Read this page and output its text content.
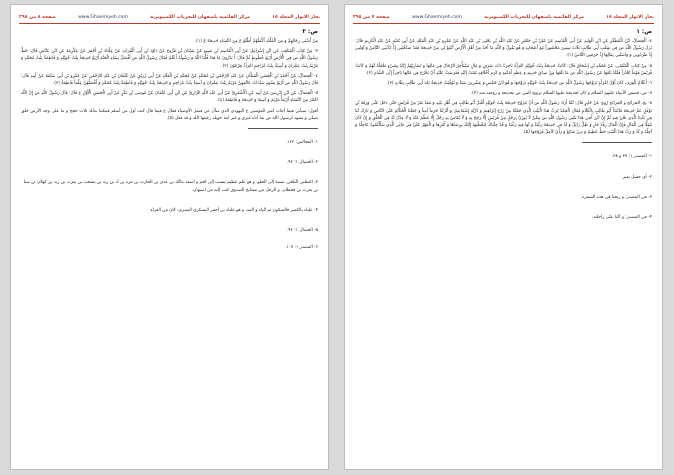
صفحة ٨ من ٢٩٥	www.Ghaemiyeh.com	مركز القائمية باصفهان للتحريات الكمبيوترية	بحار الانوار المجلد ١٥
ص: ٢

مِنْ أَسْنَى رِجَالِهِمْ وَ مِنَ الْمُلْكِ أَكْمَلُهُمْ أَطْلَعَ عَ مِنَ النِّسَاءِ خَدِيجَةَ عَ (١).

٣- مِنْ كِتَابِ الْمَنَاقِبِ عَنِ ابْنِ إِسْرَائِيلَ عَنْ أَبِي الْقَاسِمِ بْنِ سَبِيعٍ عَنْ شَيْبَانَ بْنِ فَرُّوخَ عَنْ دَاوُدَ بْنِ أَبِي الْفُرَاتِ عَنْ عِلْبَاءَ بْنِ أَحْمَرَ عَنْ عِكْرِمَةَ عَنِ ابْنِ عَبَّاسٍ قَالَ: خَطَّ رَسُولُ اللَّهِ صَ فِي الْأَرْضِ أَرْبَعَ خُطُوطٍ ثُمَّ قَالَ: أَ تَدْرُونَ مَا هَذَا قُلْنَا اللَّهُ وَ رَسُولُهُ أَعْلَمُ فَقَالَ رَسُولُ اللَّهِ صَ أَفْضَلُ نِسَاءِ الْجَنَّةِ أَرْبَعٌ خَدِيجَةُ بِنْتُ خُوَيْلِدٍ وَ فَاطِمَةُ بِنْتُ مُحَمَّدٍ وَ مَرْيَمُ بِنْتُ عِمْرَانَ وَ آسِيَةُ بِنْتُ مُزَاحِمٍ امْرَأَةُ فِرْعَوْنَ (٢).

٤- الْخِصَالُ، عَنْ أَحْمَدَ بْنِ الْحَسَنِ الْقَطَّانِ عَنْ عَبْدِ الرَّحْمَنِ بْنِ مُحَمَّدٍ عَنْ مُحَمَّدِ بْنِ الْعَلَاءِ عَنْ أَبِي زُرَيْقٍ عَنْ عُثْمَانَ بْنِ عَبْدِ الرَّحْمَنِ عَنْ عَمْرِو بْنِ أَبِي سَلَمَةَ عَنْ أَبِيهِ قَالَ: قَالَ رَسُولُ اللَّهِ صَ أَرْبَعُ نِسْوَةٍ سَيِّدَاتُ عَالَمِهِنَّ مَرْيَمُ بِنْتُ عِمْرَانَ وَ آسِيَةُ بِنْتُ مُزَاحِمٍ وَ خَدِيجَةُ بِنْتُ خُوَيْلِدٍ وَ فَاطِمَةُ بِنْتُ مُحَمَّدٍ وَ أَفْضَلُهُنَّ عِلْماً فَاطِمَةُ (٣).

٥- الْخِصَالُ، عَنِ ابْنِ إِدْرِيسَ عَنْ أَبِيهِ عَنِ الْأَشْعَرِيِّ عَنْ أَبِي عَبْدِ اللَّهِ الرَّازِيِّ عَنِ ابْنِ أَبِي عُثْمَانَ عَنْ مُوسَى بْنِ بَكْرٍ عَنْ أَبِي الْحَسَنِ الْأَوَّلِ ع قَالَ: قَالَ رَسُولُ اللَّهِ صَ إِنَّ اللَّهَ اخْتَارَ مِنَ النِّسَاءِ أَرْبَعاً مَرْيَمَ وَ آسِيَةَ وَ خَدِيجَةَ وَ فَاطِمَةَ (٤).

أقول: سيأتي فيما أجاب أمير المؤمنين ع اليهودي الذي سأل عن فضل الأوصياء فقال ع فيما قال كنت أول من أسلم فمكثنا بذلك ثلاث حجج و ما على وجه الأرض خلق يصلي و يشهد لرسول الله ص بما آتاه غيري و غير ابنة خويلد رحمها الله و قد فعل (٥).

١- المجالس: ١۶٢.

٢- الخصال ١: ٩۶.

٣- القطبي البلخي. نسبة إلى الحلو، و هو علم عظيم يتسب إلى لخم و اسمه مالك بن عدى بن الحارث بن مرة بن اد بن زيد بن يشجب بن يعرب بن زيد بن كهلان بن سبا بن يعرب بن قحطان، و الرجل من مشايخ الصدوق كتب إليه من اصبهان.

۴- علياء بالكسر فالسكون ثم الياء و المد، و هو علياء بن أحمر اليشكري البصري، كان من القراء.

۵- الخصال ١: ٩۶.

۶- المصدر ١: ١٠٧.

صفحة ٧ من ٢٩٥	www.Ghaemiyeh.com	مركز القائمية باصفهان للتحريات الكمبيوترية	بحار الانوار المجلد ١٥
ص: ١

٤- الْخِصَالُ، ابْنُ الْمُظَفَّرِ عَنِ ابْنِ الْوَلِيدِ عَنْ أَبِي الْقَاسِمِ عَنْ عَلِيِّ بْنِ جَعْفَرٍ عَنْ عَبْدِ اللَّهِ بْنِ يَحْيَى بْنِ عَبْدِ اللَّهِ عَنْ عَمْرِو بْنِ عَبْدِ الْمَلِكِ عَنْ أَبِي نُعَيْمٍ عَنْ عَبْدِ الْكَرِيمِ قَالَ: نَزَلَ رَسُولُ اللَّهِ صَ فِي شِعْبِ أَبِي طَالِبٍ ثَلَاثَ سِنِينَ مَحْصُوراً مَعَ أَصْحَابِهِ وَ هُوَ يَقُولُ وَ اللَّهِ مَا أَحَدٌ مِنْ أَهْلِ الْأَرْضِ أَنْفَعُ لِي مِنْ خَدِيجَةَ فَقَدْ صَدَّقَتْنِي إِذْ كَذَّبَنِي النَّاسُ وَ آوَتْنِي إِذْ طَرَدُونِي وَ وَاسَتْنِي بِمَالِهَا إِذْ حَرَمَنِي النَّاسُ (١).

٥- مِنْ كِتَابِ الْمُنْتَقَى، عَنْ مُحَمَّدِ بْنِ إِسْحَاقَ قَالَ: كَانَتْ خَدِيجَةُ بِنْتُ خُوَيْلِدٍ امْرَأَةً تَاجِرَةً ذَاتَ شَرَفٍ وَ مَالٍ تَسْتَأْجِرُ الرِّجَالَ فِي مَالِهَا وَ تُضَارِبُهُمْ إِيَّاهُ بِشَيْءٍ تَجْعَلُهُ لَهُمْ وَ كَانَتْ قُرَيْشٌ قَوْماً تُجَّاراً فَلَمَّا بَلَغَهَا عَنْ رَسُولِ اللَّهِ صَ مَا بَلَغَهَا مِنْ صِدْقِ حَدِيثِهِ وَ عِظَمِ أَمَانَتِهِ وَ كَرَمِ أَخْلَاقِهِ بَعَثَتْ إِلَيْهِ فَعَرَضَتْ عَلَيْهِ أَنْ يَخْرُجَ فِي مَالِهَا تَاجِراً إِلَى الشَّامِ (٢).

٦- أَعْلَامُ الْوَرَى، كَانَ أَوَّلَ امْرَأَةٍ تَزَوَّجَهَا رَسُولُ اللَّهِ صَ خَدِيجَةُ بِنْتُ خُوَيْلِدٍ تَزَوَّجَهَا وَ هُوَ ابْنُ خَمْسٍ وَ عِشْرِينَ سَنَةً وَ تُوُفِّيَتْ خَدِيجَةُ بَعْدَ أَبِي طَالِبٍ بِثَلَاثٍ (٣).

٧- ص، قصص الأنبياء عليهم السلام و كان لخديجة عليها السلام تزويج النبي ص بخديجة و زوجته منه (۴).

٨- يج، الخرائج و الجرائح رُوِيَ عَنْ جَابِرٍ قَالَ: لَمَّا أَرَادَ رَسُولُ اللَّهِ صَ أَنْ يَتَزَوَّجَ خَدِيجَةَ بِنْتَ خُوَيْلِدٍ أَقْبَلَ أَبُو طَالِبٍ فِي أَهْلِ بَيْتِهِ وَ مَعَهُ نَفَرٌ مِنْ قُرَيْشٍ حَتَّى دَخَلَ عَلَى وَرَقَةَ بْنِ نَوْفَلٍ عَمِّ خَدِيجَةَ فَابْتَدَأَ أَبُو طَالِبٍ بِالْكَلَامِ فَقَالَ الْحَمْدُ لِرَبِّ هَذَا الْبَيْتِ الَّذِي جَعَلَنَا مِنْ زَرْعِ إِبْرَاهِيمَ وَ ذُرِّيَّةِ إِسْمَاعِيلَ وَ أَنْزَلَنَا حَرَماً آمِناً وَ جَعَلَنَا الْحُكَّامَ عَلَى النَّاسِ وَ بَارَكَ لَنَا فِي بَلَدِنَا الَّذِي نَحْنُ فِيهِ ثُمَّ إِنَّ ابْنَ أَخِي هَذَا يَعْنِي رَسُولَ اللَّهِ صَ مِمَّنْ لَا يُوزَنُ بِرَجُلٍ مِنْ قُرَيْشٍ إِلَّا رَجَحَ بِهِ وَ لَا يُقَاسُ بِهِ رَجُلٌ إِلَّا عَظُمَ عَنْهُ وَ لَا عِدْلَ لَهُ فِي الْخَلْقِ وَ إِنْ كَانَ مُقِلًّا فِي الْمَالِ فَإِنَّ الْمَالَ رِفْدٌ جَارٍ وَ ظِلٌّ زَائِلٌ وَ لَهُ فِي خَدِيجَةَ رَغْبَةٌ وَ لَهَا فِيهِ رَغْبَةٌ وَ قَدْ جِئْنَاكَ لِنَخْطُبَهَا إِلَيْكَ بِرِضَاهَا وَ أَمْرِهَا وَ الْمَهْرُ عَلَيَّ فِي مَالِي الَّذِي سَأَلْتُمُوهُ عَاجِلُهُ وَ آجِلُهُ وَ لَهُ وَ رَبِّ هَذَا الْبَيْتِ حَظٌّ عَظِيمٌ وَ دِينٌ شَائِعٌ وَ رَأْيٌ كَامِلٌ فَزَوَّجَهَا (۵).

١- المصدر ١: ٣٧ و ٣٨.

٢- أي حسل بعير.

٣- في المصدر: و ربحنا في هذه السفرة.

۴- في المصدر: و أكبا على راحلته.
